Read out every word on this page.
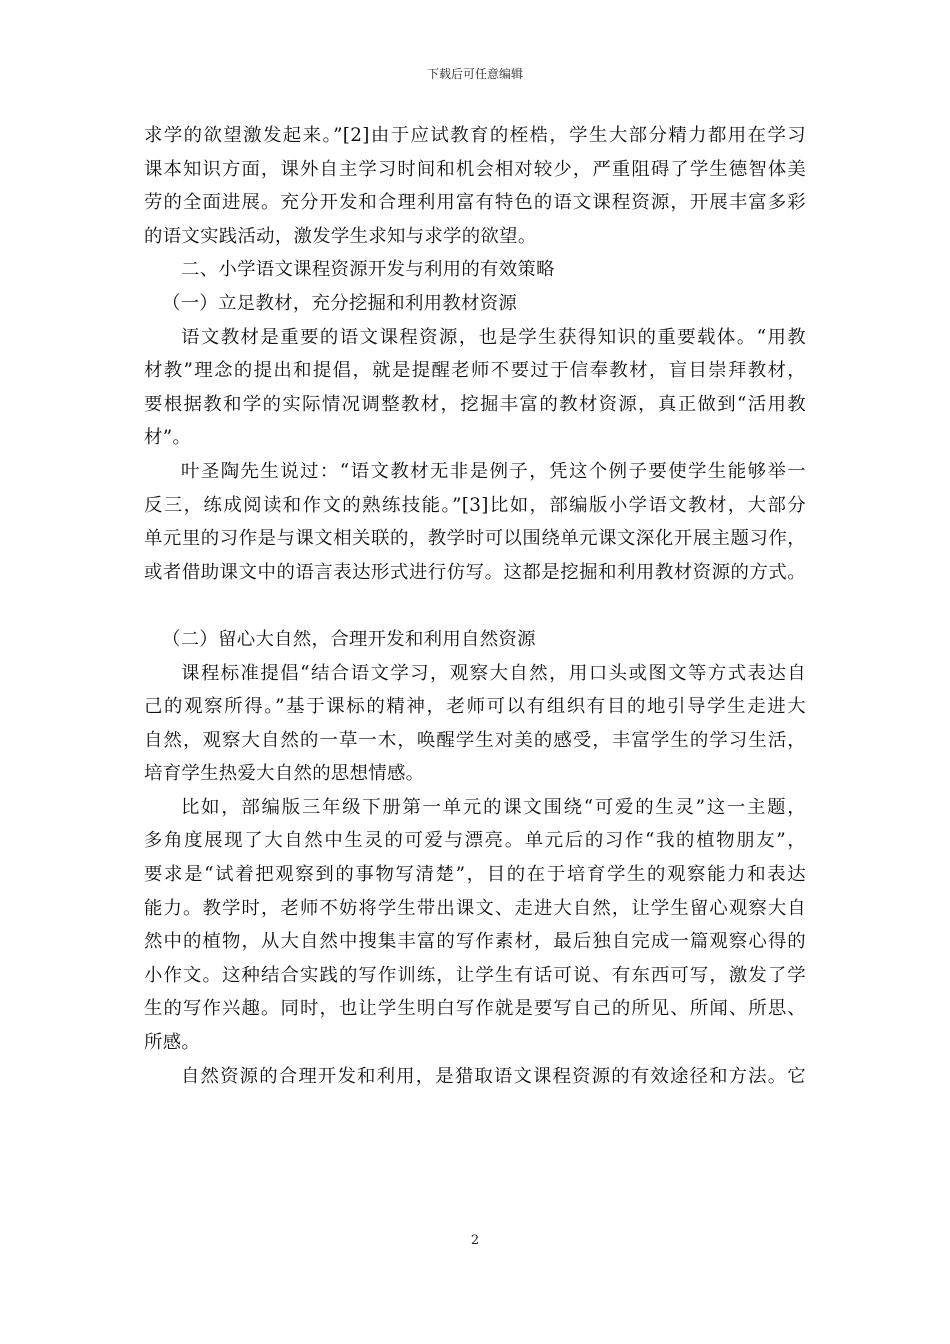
下载后可任意编辑
求学的欲望激发起来。”[2]由于应试教育的桎梏，学生大部分精力都用在学习
课本知识方面，课外自主学习时间和机会相对较少，严重阻碍了学生德智体美
劳的全面进展。充分开发和合理利用富有特色的语文课程资源，开展丰富多彩
的语文实践活动，激发学生求知与求学的欲望。
二、小学语文课程资源开发与利用的有效策略
（一）立足教材，充分挖掘和利用教材资源
语文教材是重要的语文课程资源，也是学生获得知识的重要载体。“用教
材教”理念的提出和提倡，就是提醒老师不要过于信奉教材，盲目崇拜教材，
要根据教和学的实际情况调整教材，挖掘丰富的教材资源，真正做到“活用教
材”。
叶圣陶先生说过：“语文教材无非是例子，凭这个例子要使学生能够举一
反三，练成阅读和作文的熟练技能。”[3]比如，部编版小学语文教材，大部分
单元里的习作是与课文相关联的，教学时可以围绕单元课文深化开展主题习作，
或者借助课文中的语言表达形式进行仿写。这都是挖掘和利用教材资源的方式。
（二）留心大自然，合理开发和利用自然资源
课程标准提倡“结合语文学习，观察大自然，用口头或图文等方式表达自
己的观察所得。”基于课标的精神，老师可以有组织有目的地引导学生走进大
自然，观察大自然的一草一木，唤醒学生对美的感受，丰富学生的学习生活，
培育学生热爱大自然的思想情感。
比如，部编版三年级下册第一单元的课文围绕“可爱的生灵”这一主题，
多角度展现了大自然中生灵的可爱与漂亮。单元后的习作“我的植物朋友”，
要求是“试着把观察到的事物写清楚”，目的在于培育学生的观察能力和表达
能力。教学时，老师不妨将学生带出课文、走进大自然，让学生留心观察大自
然中的植物，从大自然中搜集丰富的写作素材，最后独自完成一篇观察心得的
小作文。这种结合实践的写作训练，让学生有话可说、有东西可写，激发了学
生的写作兴趣。同时，也让学生明白写作就是要写自己的所见、所闻、所思、
所感。
自然资源的合理开发和利用，是猎取语文课程资源的有效途径和方法。它
2
